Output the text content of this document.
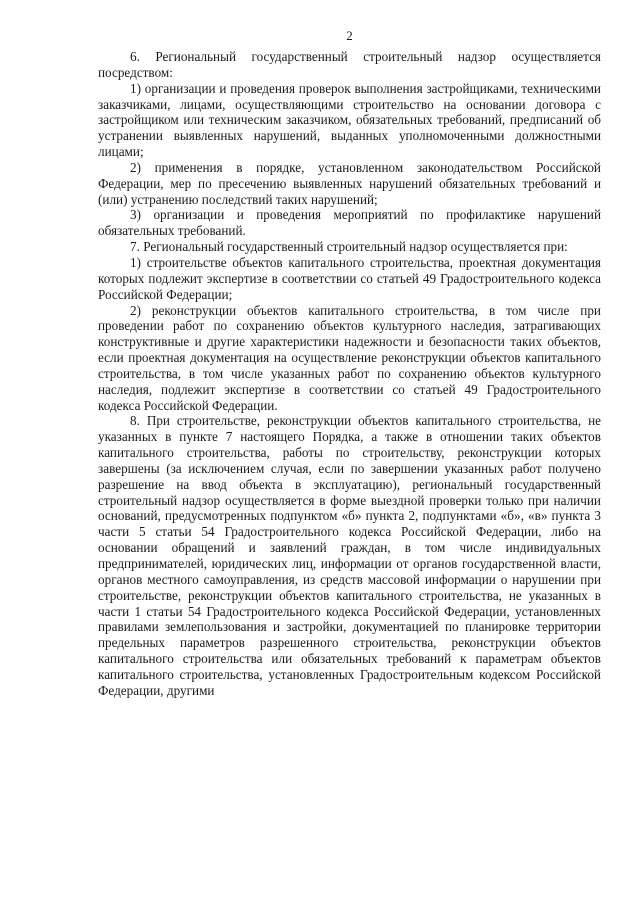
2

6. Региональный государственный строительный надзор осуществляется посредством:

1) организации и проведения проверок выполнения застройщиками, техническими заказчиками, лицами, осуществляющими строительство на основании договора с застройщиком или техническим заказчиком, обязательных требований, предписаний об устранении выявленных нарушений, выданных уполномоченными должностными лицами;

2) применения в порядке, установленном законодательством Российской Федерации, мер по пресечению выявленных нарушений обязательных требований и (или) устранению последствий таких нарушений;

3) организации и проведения мероприятий по профилактике нарушений обязательных требований.

7. Региональный государственный строительный надзор осуществляется при:

1) строительстве объектов капитального строительства, проектная документация которых подлежит экспертизе в соответствии со статьей 49 Градостроительного кодекса Российской Федерации;

2) реконструкции объектов капитального строительства, в том числе при проведении работ по сохранению объектов культурного наследия, затрагивающих конструктивные и другие характеристики надежности и безопасности таких объектов, если проектная документация на осуществление реконструкции объектов капитального строительства, в том числе указанных работ по сохранению объектов культурного наследия, подлежит экспертизе в соответствии со статьей 49 Градостроительного кодекса Российской Федерации.

8. При строительстве, реконструкции объектов капитального строительства, не указанных в пункте 7 настоящего Порядка, а также в отношении таких объектов капитального строительства, работы по строительству, реконструкции которых завершены (за исключением случая, если по завершении указанных работ получено разрешение на ввод объекта в эксплуатацию), региональный государственный строительный надзор осуществляется в форме выездной проверки только при наличии оснований, предусмотренных подпунктом «б» пункта 2, подпунктами «б», «в» пункта 3 части 5 статьи 54 Градостроительного кодекса Российской Федерации, либо на основании обращений и заявлений граждан, в том числе индивидуальных предпринимателей, юридических лиц, информации от органов государственной власти, органов местного самоуправления, из средств массовой информации о нарушении при строительстве, реконструкции объектов капитального строительства, не указанных в части 1 статьи 54 Градостроительного кодекса Российской Федерации, установленных правилами землепользования и застройки, документацией по планировке территории предельных параметров разрешенного строительства, реконструкции объектов капитального строительства или обязательных требований к параметрам объектов капитального строительства, установленных Градостроительным кодексом Российской Федерации, другими
